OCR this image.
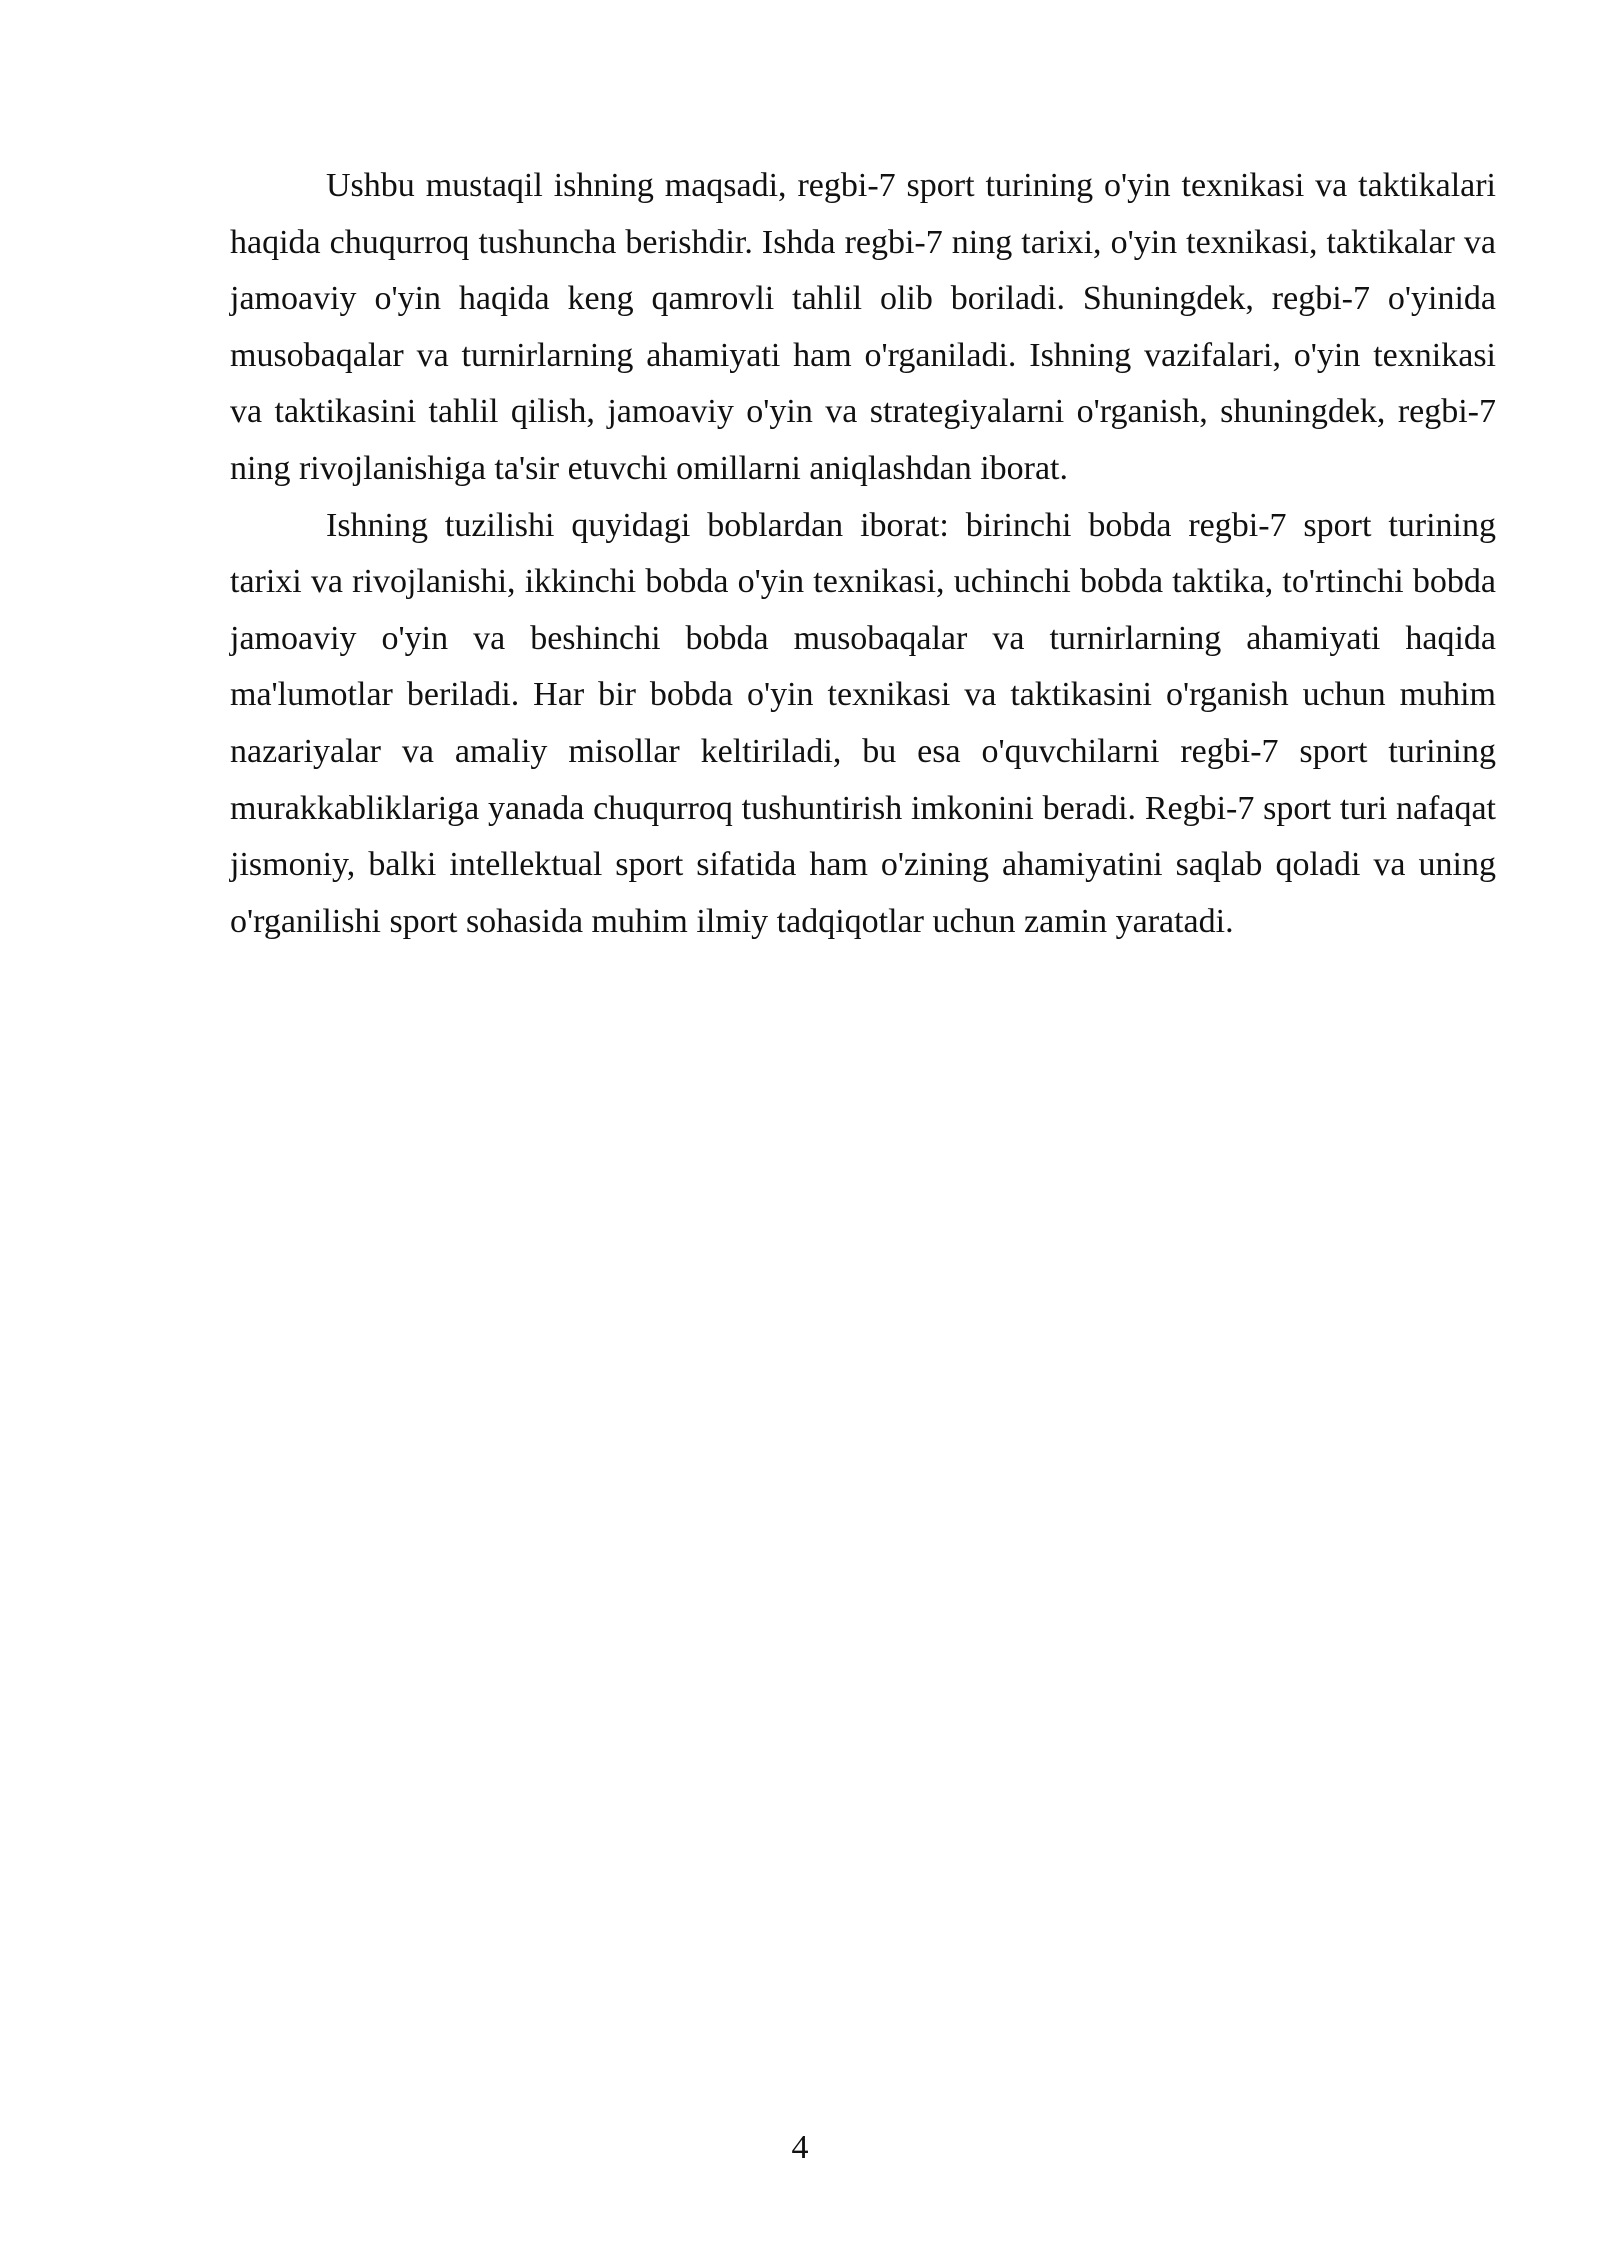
Ushbu mustaqil ishning maqsadi, regbi-7 sport turining o'yin texnikasi va taktikalari haqida chuqurroq tushuncha berishdir. Ishda regbi-7 ning tarixi, o'yin texnikasi, taktikalar va jamoaviy o'yin haqida keng qamrovli tahlil olib boriladi. Shuningdek, regbi-7 o'yinida musobaqalar va turnirlarning ahamiyati ham o'rganiladi. Ishning vazifalari, o'yin texnikasi va taktikasini tahlil qilish, jamoaviy o'yin va strategiyalarni o'rganish, shuningdek, regbi-7 ning rivojlanishiga ta'sir etuvchi omillarni aniqlashdan iborat.

Ishning tuzilishi quyidagi boblardan iborat: birinchi bobda regbi-7 sport turining tarixi va rivojlanishi, ikkinchi bobda o'yin texnikasi, uchinchi bobda taktika, to'rtinchi bobda jamoaviy o'yin va beshinchi bobda musobaqalar va turnirlarning ahamiyati haqida ma'lumotlar beriladi. Har bir bobda o'yin texnikasi va taktikasini o'rganish uchun muhim nazariyalar va amaliy misollar keltiriladi, bu esa o'quvchilarni regbi-7 sport turining murakkabliklariga yanada chuqurroq tushuntirish imkonini beradi. Regbi-7 sport turi nafaqat jismoniy, balki intellektual sport sifatida ham o'zining ahamiyatini saqlab qoladi va uning o'rganilishi sport sohasida muhim ilmiy tadqiqotlar uchun zamin yaratadi.

4
